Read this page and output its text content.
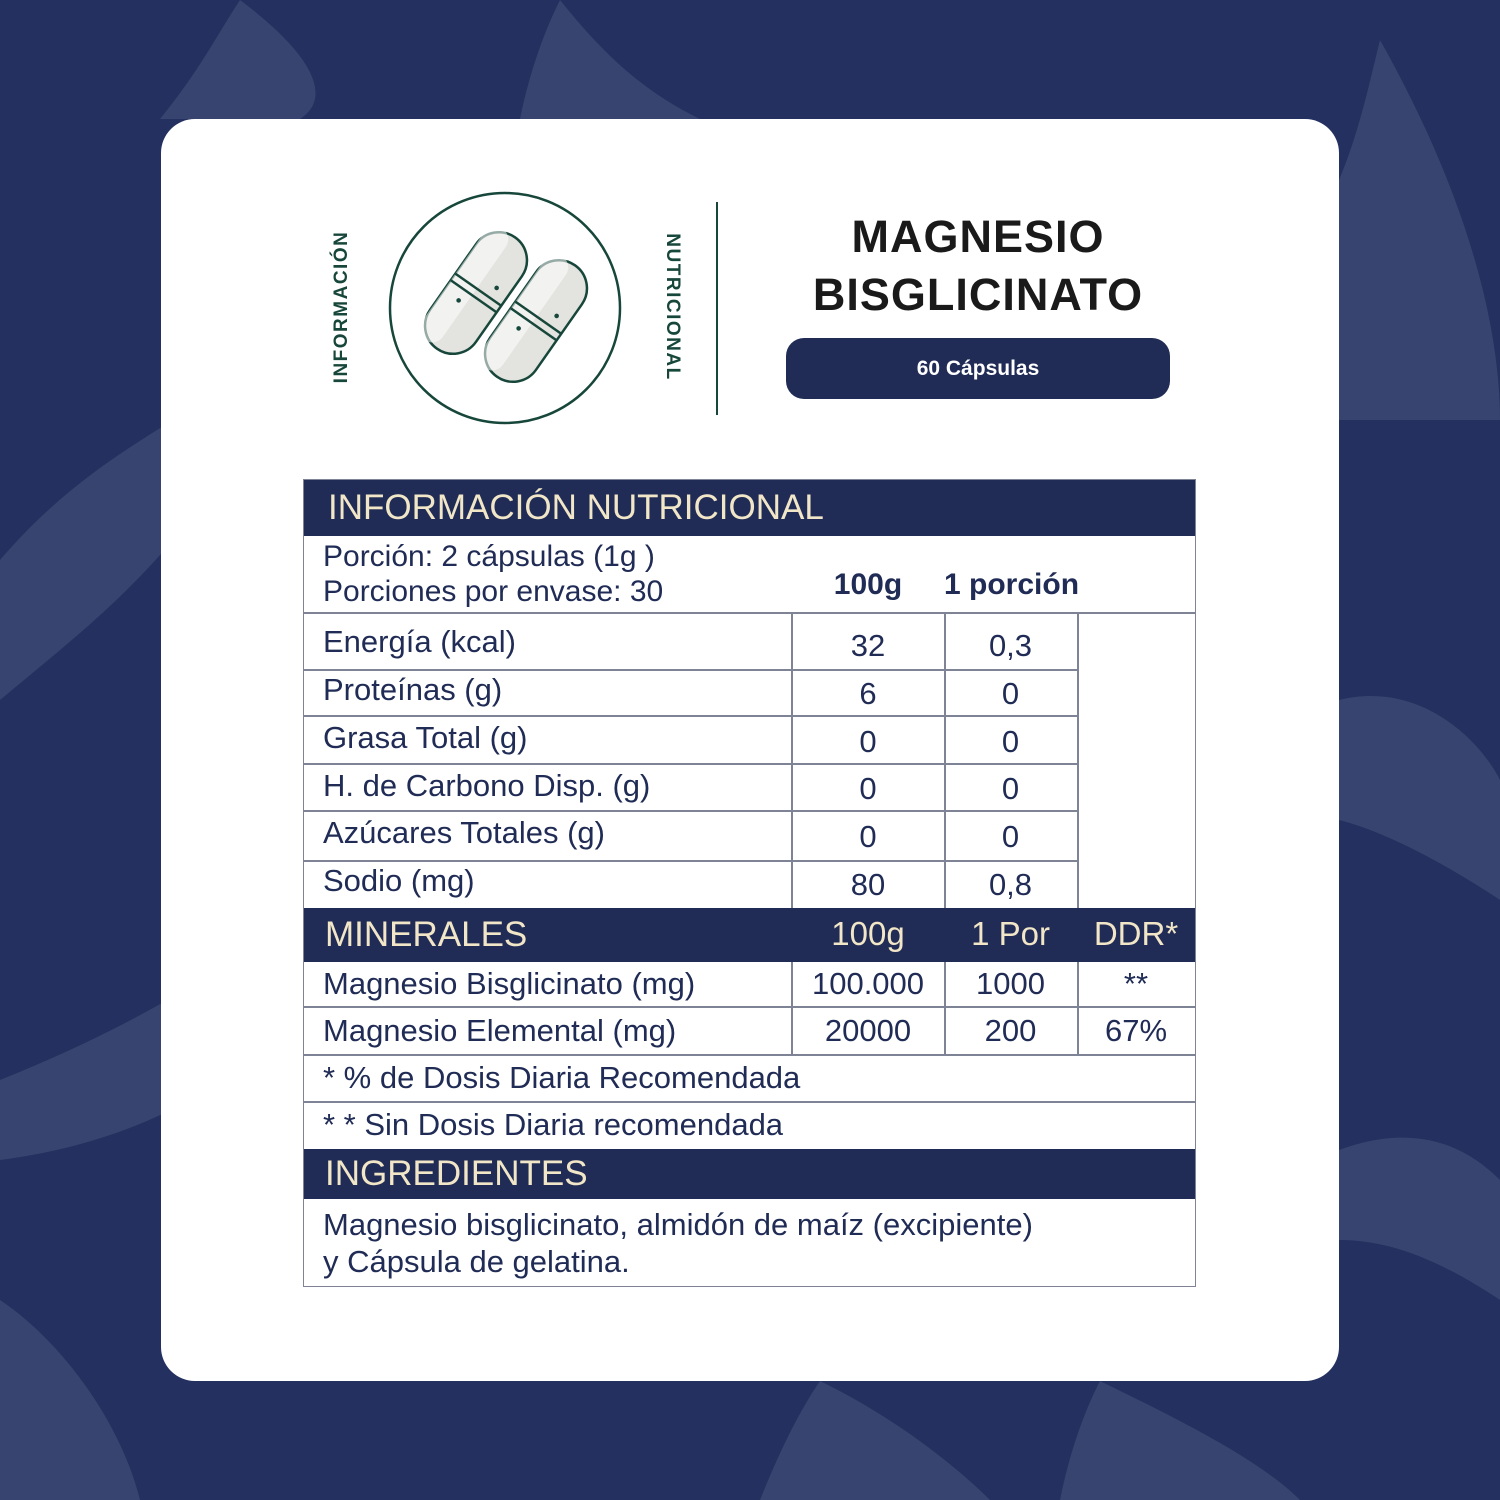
INFORMACIÓN	NUTRICIONAL	MAGNESIO
BISGLICINATO
60 Cápsulas
INFORMACIÓN NUTRICIONAL
Porción: 2 cápsulas (1g )
Porciones por envase: 30	100g	1 porción
Energía (kcal)	32	0,3
Proteínas (g)	6	0
Grasa Total (g)	0	0
H. de Carbono Disp. (g)	0	0
Azúcares Totales (g)	0	0
Sodio (mg)	80	0,8
MINERALES	100g	1 Por	DDR*
Magnesio Bisglicinato (mg)	100.000	1000	**
Magnesio Elemental (mg)	20000	200	67%
* % de Dosis Diaria Recomendada
* * Sin Dosis Diaria recomendada
INGREDIENTES
Magnesio bisglicinato, almidón de maíz (excipiente)
y Cápsula de gelatina.
